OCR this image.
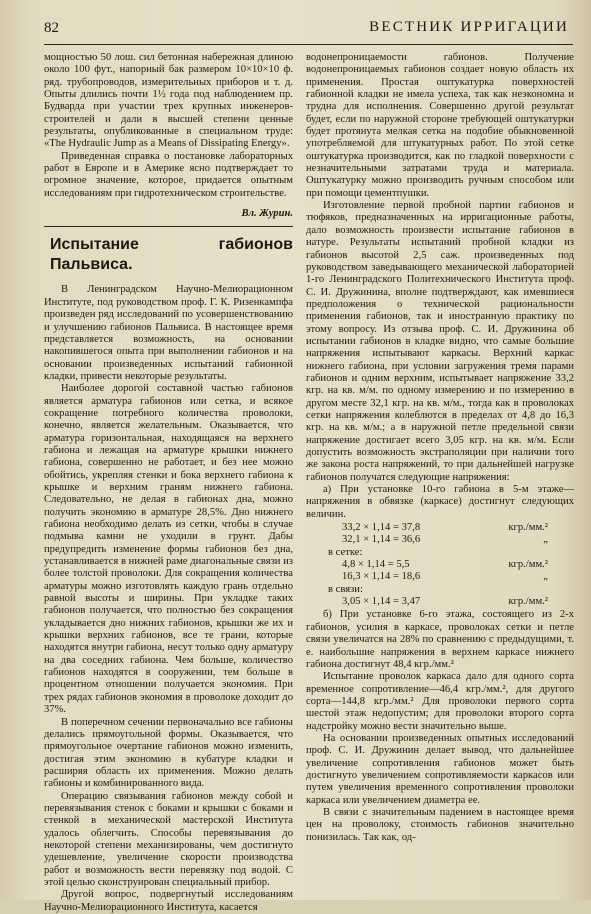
82	ВЕСТНИК ИРРИГАЦИИ

мощностью 50 лош. сил бетонная набережная длиною около 100 фут., напорный бак размером 10×10×10 ф. ряд. трубопроводов, измерительных приборов и т. д. Опыты длились почти 1½ года под наблюдением пр. Будварда при участии трех крупных инженеров-строителей и дали в высшей степени ценные результаты, опубликованные в специальном труде: «The Hydraulic Jump as a Means of Dissipating Energy».

Приведенная справка о постановке лабораторных работ в Европе и в Америке ясно подтверждает то огромное значение, которое, придается опытным исследованиям при гидротехническом строительстве.

Вл. Журин.

Испытание габионов Пальвиса.

В Ленинградском Научно-Мелиорационном Институте, под руководством проф. Г. К. Ризенкампфа произведен ряд исследований по усовершенствованию и улучшению габионов Пальвиса. В настоящее время представляется возможность, на основании накопившегося опыта при выполнении габионов и на основании произведенных испытаний габионной кладки, привести некоторые результаты.

Наиболее дорогой составной частью габионов является арматура габионов или сетка, и всякое сокращение потребного количества проволоки, конечно, является желательным. Оказывается, что арматура горизонтальная, находящаяся на верхнего габиона и лежащая на арматуре крышки нижнего габиона, совершенно не работает, и без нее можно обойтись, укрепляя стенки и бока верхнего габиона к крышке и верхним граням нижнего габиона. Следовательно, не делая в габионах дна, можно получить экономию в арматуре 28,5%. Дно нижнего габиона необходимо делать из сетки, чтобы в случае подмыва камни не уходили в грунт. Дабы предупредить изменение формы габионов без дна, устанавливается в нижней раме диагональные связи из более толстой проволоки. Для сокращения количества арматуры можно изготовлять каждую грань отдельно равной высоты и ширины. При укладке таких габионов получается, что полностью без сокращения укладывается дно нижних габионов, крышки же их и крышки верхних габионов, все те грани, которые находятся внутри габиона, несут только одну арматуру на два соседних габиона. Чем больше, количество габионов находятся в сооружении, тем больше в процентном отношении получается экономия. При трех рядах габионов экономия в проволоке доходит до 37%.

В поперечном сечении первоначально все габионы делались прямоугольной формы. Оказывается, что прямоугольное очертание габионов можно изменить, достигая этим экономию в кубатуре кладки и расширяя область их применения. Можно делать габионы и комбинированного вида.

Операцию связывания габионов между собой и перевязывания стенок с боками и крышки с боками и стенкой в механической мастерской Института удалось облегчить. Способы перевязывания до некоторой степени механизированы, чем достигнуто удешевление, увеличение скорости производства работ и возможность вести перевязку под водой. С этой целью сконструирован специальный прибор.

Другой вопрос, подвергнутый исследованиям Научно-Мелиорационного Института, касается

водонепроницаемости габионов. Получение водонепроницаемых габионов создает новую область их применения. Простая оштукатурка поверхностей габионной кладки не имела успеха, так как неэкономна и трудна для исполнения. Совершенно другой результат будет, если по наружной стороне требующей оштукатурки будет протянута мелкая сетка на подобие обыкновенной употребляемой для штукатурных работ. По этой сетке оштукатурка производится, как по гладкой поверхности с незначительными затратами труда и материала. Оштукатурку можно производить ручным способом или при помощи цементпушки.

Изготовление первой пробной партии габионов и тюфяков, предназначенных на ирригационные работы, дало возможность произвести испытание габионов в натуре. Результаты испытаний пробной кладки из габионов высотой 2,5 саж. произведенных под руководством заведывающего механической лабораторией 1-го Ленинградского Политехнического Института проф. С. И. Дружинина, вполне подтверждают, как имевшиеся предположения о технической рациональности применения габионов, так и иностранную практику по этому вопросу. Из отзыва проф. С. И. Дружинина об испытании габионов в кладке видно, что самые большие напряжения испытывают каркасы. Верхний каркас нижнего габиона, при условии загружения тремя парами габионов и одним верхним, испытывает напряжение 33,2 кгр. на кв. м/м. по одному измерению и по измерению в другом месте 32,1 кгр. на кв. м/м., тогда как в проволоках сетки напряжения колеблются в пределах от 4,8 до 16,3 кгр. на кв. м/м.; а в наружной петле предельной связи напряжение достигает всего 3,05 кгр. на кв. м/м. Если допустить возможность экстраполяции при наличии того же закона роста напряжений, то при дальнейшей нагрузке габионов получатся следующие напряжения:

а) При установке 10-го габиона в 5-м этаже—напряжения в обвязке (каркасе) достигнут следующих величин.

33,2 × 1,14 = 37,8	кгр./мм.²
32,1 × 1,14 = 36,6	„
в сетке:
4,8 × 1,14 = 5,5	кгр./мм.²
16,3 × 1,14 = 18,6	„
в связи:
3,05 × 1,14 = 3,47	кгр./мм.²

б) При установке 6-го этажа, состоящего из 2-х габионов, усилия в каркасе, проволоках сетки и петле связи увеличатся на 28% по сравнению с предыдущими, т. е. наибольшие напряжения в верхнем каркасе нижнего габиона достигнут 48,4 кгр./мм.²

Испытание проволок каркаса дало для одного сорта временное сопротивление—46,4 кгр./мм.², для другого сорта—144,8 кгр./мм.² Для проволоки первого сорта шестой этаж недопустим; для проволоки второго сорта надстройку можно вести значительно выше.

На основании произведенных опытных исследований проф. С. И. Дружинин делает вывод, что дальнейшее увеличение сопротивления габионов может быть достигнуто увеличением сопротивляемости каркасов или путем увеличения временного сопротивления проволоки каркаса или увеличением диаметра ее.

В связи с значительным падением в настоящее время цен на проволоку, стоимость габионов значительно понизилась. Так как, од-
